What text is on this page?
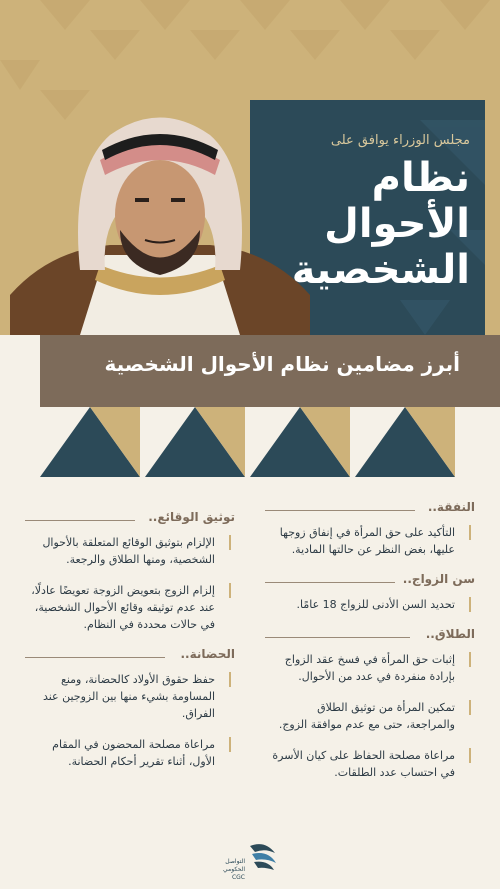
مجلس الوزراء يوافق على
نظام
الأحوال
الشخصية
أبرز مضامين نظام الأحوال الشخصية
النفقة..
التأكيد على حق المرأة في إنفاق زوجها عليها، بغض النظر عن حالتها المادية.
سن الزواج..
تحديد السن الأدنى للزواج 18 عامًا.
الطلاق..
إثبات حق المرأة في فسخ عقد الزواج بإرادة منفردة في عدد من الأحوال.
تمكين المرأة من توثيق الطلاق والمراجعة، حتى مع عدم موافقة الزوج.
مراعاة مصلحة الحفاظ على كيان الأسرة في احتساب عدد الطلقات.
توثيق الوقائع..
الإلزام بتوثيق الوقائع المتعلقة بالأحوال الشخصية، ومنها الطلاق والرجعة.
إلزام الزوج بتعويض الزوجة تعويضًا عادلًا، عند عدم توثيقه وقائع الأحوال الشخصية، في حالات محددة في النظام.
الحضانة..
حفظ حقوق الأولاد كالحضانة، ومنع المساومة بشيء منها بين الزوجين عند الفراق.
مراعاة مصلحة المحضون في المقام الأول، أثناء تقرير أحكام الحضانة.
التواصل
الحكومي
CGC
